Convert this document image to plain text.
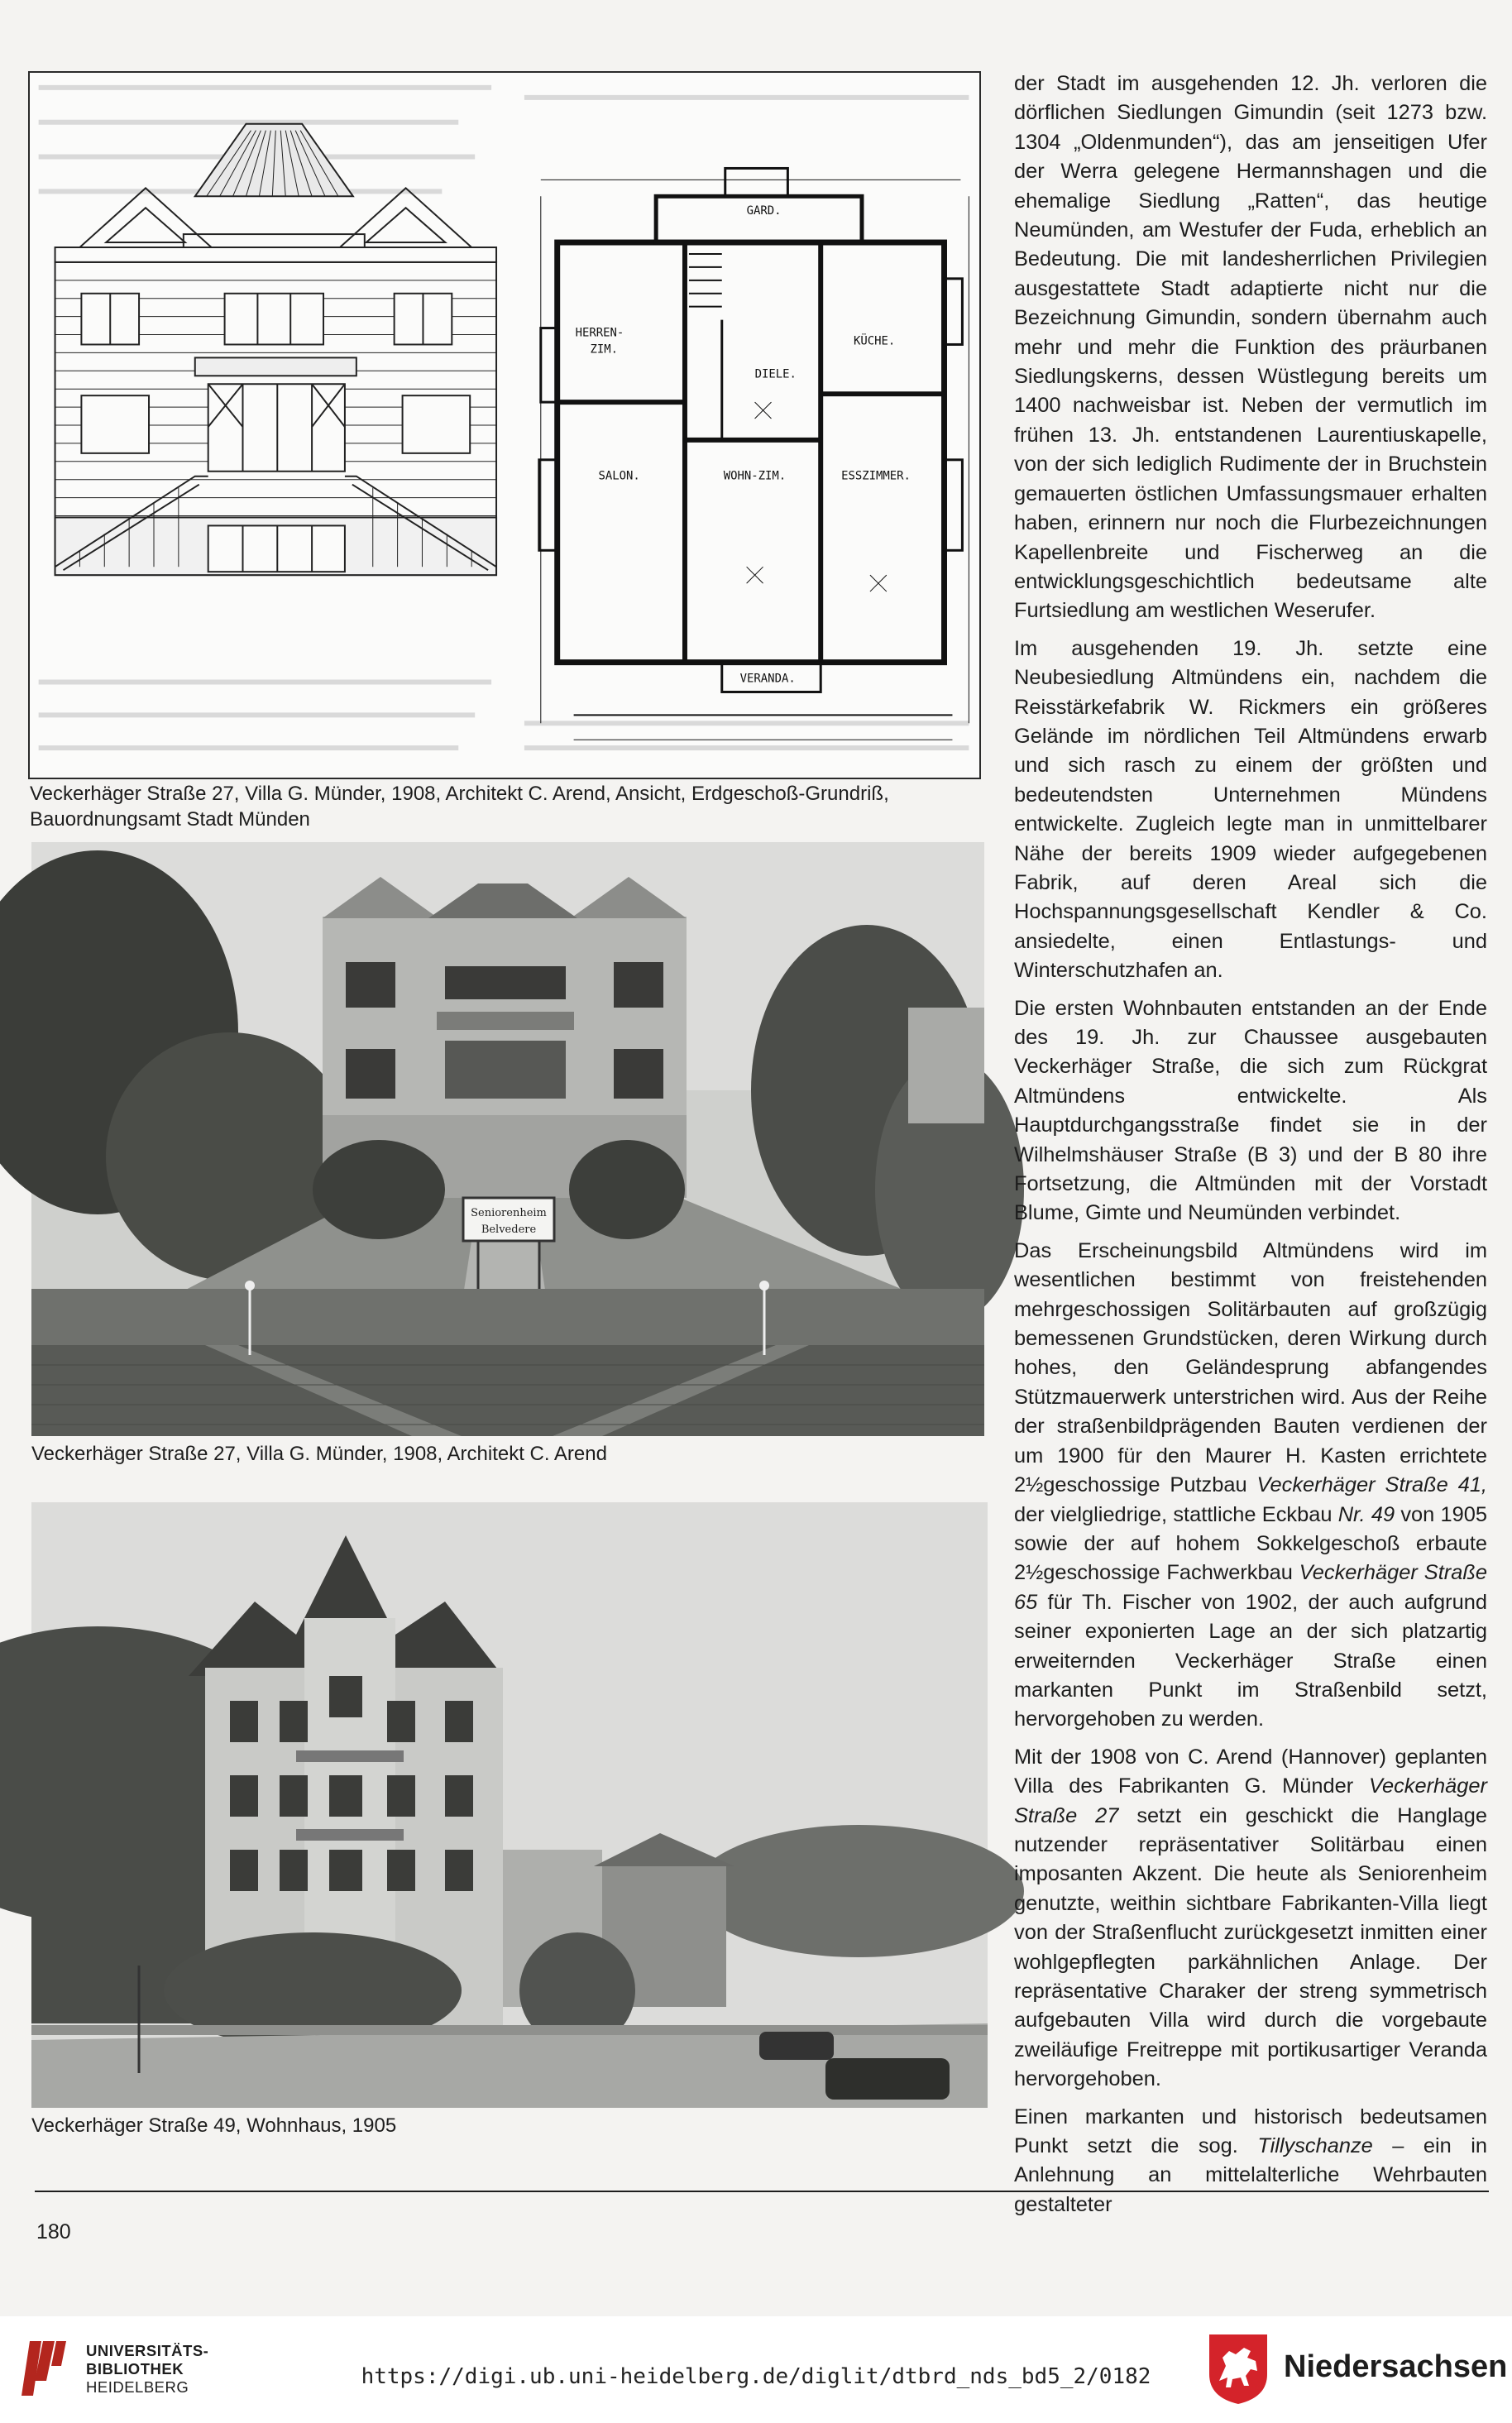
HERREN-
ZIM.
KÜCHE.
DIELE.
SALON.	WOHN-ZIM.	ESSZIMMER.
VERANDA.
GARD.
Veckerhäger Straße 27, Villa G. Münder, 1908, Architekt C. Arend, Ansicht, Erdgeschoß-Grundriß, Bauordnungsamt Stadt Münden
Seniorenheim
Belvedere
Veckerhäger Straße 27, Villa G. Münder, 1908, Architekt C. Arend
Veckerhäger Straße 49, Wohnhaus, 1905

der Stadt im ausgehenden 12. Jh. verloren die dörflichen Siedlungen Gimundin (seit 1273 bzw. 1304 „Oldenmunden“), das am jenseitigen Ufer der Werra gelegene Hermannshagen und die ehemalige Siedlung „Ratten“, das heutige Neumünden, am Westufer der Fuda, erheblich an Bedeutung. Die mit landesherrlichen Privilegien ausgestattete Stadt adaptierte nicht nur die Bezeichnung Gimundin, sondern übernahm auch mehr und mehr die Funktion des präurbanen Siedlungskerns, dessen Wüstlegung bereits um 1400 nachweisbar ist. Neben der vermutlich im frühen 13. Jh. entstandenen Laurentiuskapelle, von der sich lediglich Rudimente der in Bruchstein gemauerten östlichen Umfassungsmauer erhalten haben, erinnern nur noch die Flurbezeichnungen Kapellenbreite und Fischerweg an die entwicklungsgeschichtlich bedeutsame alte Furtsiedlung am westlichen Weserufer.

Im ausgehenden 19. Jh. setzte eine Neubesiedlung Altmündens ein, nachdem die Reisstärkefabrik W. Rickmers ein größeres Gelände im nördlichen Teil Altmündens erwarb und sich rasch zu einem der größten und bedeutendsten Unternehmen Mündens entwickelte. Zugleich legte man in unmittelbarer Nähe der bereits 1909 wieder aufgegebenen Fabrik, auf deren Areal sich die Hochspannungsgesellschaft Kendler & Co. ansiedelte, einen Entlastungs- und Winterschutzhafen an.

Die ersten Wohnbauten entstanden an der Ende des 19. Jh. zur Chaussee ausgebauten Veckerhäger Straße, die sich zum Rückgrat Altmündens entwickelte. Als Hauptdurchgangsstraße findet sie in der Wilhelmshäuser Straße (B 3) und der B 80 ihre Fortsetzung, die Altmünden mit der Vorstadt Blume, Gimte und Neumünden verbindet.

Das Erscheinungsbild Altmündens wird im wesentlichen bestimmt von freistehenden mehrgeschossigen Solitärbauten auf großzügig bemessenen Grundstücken, deren Wirkung durch hohes, den Geländesprung abfangendes Stützmauerwerk unterstrichen wird. Aus der Reihe der straßenbildprägenden Bauten verdienen der um 1900 für den Maurer H. Kasten errichtete 2½geschossige Putzbau Veckerhäger Straße 41, der vielgliedrige, stattliche Eckbau Nr. 49 von 1905 sowie der auf hohem Sokkelgeschoß erbaute 2½geschossige Fachwerkbau Veckerhäger Straße 65 für Th. Fischer von 1902, der auch aufgrund seiner exponierten Lage an der sich platzartig erweiternden Veckerhäger Straße einen markanten Punkt im Straßenbild setzt, hervorgehoben zu werden.

Mit der 1908 von C. Arend (Hannover) geplanten Villa des Fabrikanten G. Münder Veckerhäger Straße 27 setzt ein geschickt die Hanglage nutzender repräsentativer Solitärbau einen imposanten Akzent. Die heute als Seniorenheim genutzte, weithin sichtbare Fabrikanten-Villa liegt von der Straßenflucht zurückgesetzt inmitten einer wohlgepflegten parkähnlichen Anlage. Der repräsentative Charaker der streng symmetrisch aufgebauten Villa wird durch die vorgebaute zweiläufige Freitreppe mit portikusartiger Veranda hervorgehoben.

Einen markanten und historisch bedeutsamen Punkt setzt die sog. Tillyschanze – ein in Anlehnung an mittelalterliche Wehrbauten gestalteter

180
UNIVERSITÄTS-
BIBLIOTHEK
HEIDELBERG	https://digi.ub.uni-heidelberg.de/diglit/dtbrd_nds_bd5_2/0182	Niedersachsen
